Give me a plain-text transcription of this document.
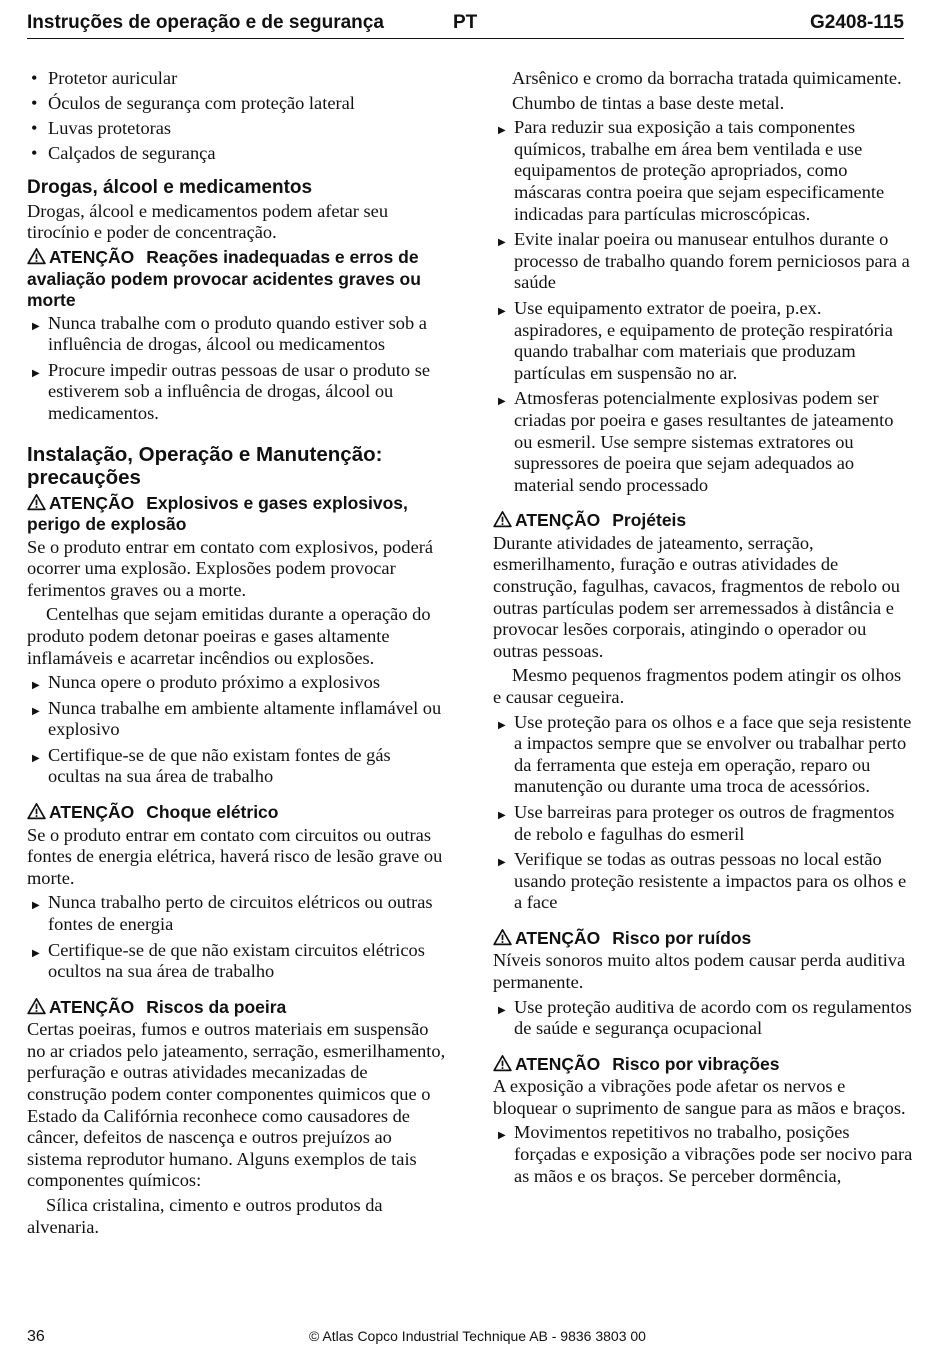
Instruções de operação e de segurança	PT	G2408-115
• Protetor auricular
• Óculos de segurança com proteção lateral
• Luvas protetoras
• Calçados de segurança
Drogas, álcool e medicamentos

Drogas, álcool e medicamentos podem afetar seu tirocínio e poder de concentração.

ATENÇÃO Reações inadequadas e erros de avaliação podem provocar acidentes graves ou morte
▶ Nunca trabalhe com o produto quando estiver sob a influência de drogas, álcool ou medicamentos
▶ Procure impedir outras pessoas de usar o produto se estiverem sob a influência de drogas, álcool ou medicamentos.
Instalação, Operação e Manutenção: precauções
ATENÇÃO Explosivos e gases explosivos, perigo de explosão

Se o produto entrar em contato com explosivos, poderá ocorrer uma explosão. Explosões podem provocar ferimentos graves ou a morte.

Centelhas que sejam emitidas durante a operação do produto podem detonar poeiras e gases altamente inflamáveis e acarretar incêndios ou explosões.

▶ Nunca opere o produto próximo a explosivos
▶ Nunca trabalhe em ambiente altamente inflamável ou explosivo
▶ Certifique-se de que não existam fontes de gás ocultas na sua área de trabalho
ATENÇÃO Choque elétrico

Se o produto entrar em contato com circuitos ou outras fontes de energia elétrica, haverá risco de lesão grave ou morte.

▶ Nunca trabalho perto de circuitos elétricos ou outras fontes de energia
▶ Certifique-se de que não existam circuitos elétricos ocultos na sua área de trabalho
ATENÇÃO Riscos da poeira

Certas poeiras, fumos e outros materiais em suspensão no ar criados pelo jateamento, serração, esmerilhamento, perfuração e outras atividades mecanizadas de construção podem conter componentes quimicos que o Estado da Califórnia reconhece como causadores de câncer, defeitos de nascença e outros prejuízos ao sistema reprodutor humano. Alguns exemplos de tais componentes químicos:

Sílica cristalina, cimento e outros produtos da alvenaria.

Arsênico e cromo da borracha tratada quimicamente.

Chumbo de tintas a base deste metal.

▶ Para reduzir sua exposição a tais componentes químicos, trabalhe em área bem ventilada e use equipamentos de proteção apropriados, como máscaras contra poeira que sejam especificamente indicadas para partículas microscópicas.
▶ Evite inalar poeira ou manusear entulhos durante o processo de trabalho quando forem perniciosos para a saúde
▶ Use equipamento extrator de poeira, p.ex. aspiradores, e equipamento de proteção respiratória quando trabalhar com materiais que produzam partículas em suspensão no ar.
▶ Atmosferas potencialmente explosivas podem ser criadas por poeira e gases resultantes de jateamento ou esmeril. Use sempre sistemas extratores ou supressores de poeira que sejam adequados ao material sendo processado
ATENÇÃO Projéteis

Durante atividades de jateamento, serração, esmerilhamento, furação e outras atividades de construção, fagulhas, cavacos, fragmentos de rebolo ou outras partículas podem ser arremessados à distância e provocar lesões corporais, atingindo o operador ou outras pessoas.

Mesmo pequenos fragmentos podem atingir os olhos e causar cegueira.

▶ Use proteção para os olhos e a face que seja resistente a impactos sempre que se envolver ou trabalhar perto da ferramenta que esteja em operação, reparo ou manutenção ou durante uma troca de acessórios.
▶ Use barreiras para proteger os outros de fragmentos de rebolo e fagulhas do esmeril
▶ Verifique se todas as outras pessoas no local estão usando proteção resistente a impactos para os olhos e a face
ATENÇÃO Risco por ruídos

Níveis sonoros muito altos podem causar perda auditiva permanente.

▶ Use proteção auditiva de acordo com os regulamentos de saúde e segurança ocupacional
ATENÇÃO Risco por vibrações

A exposição a vibrações pode afetar os nervos e bloquear o suprimento de sangue para as mãos e braços.

▶ Movimentos repetitivos no trabalho, posições forçadas e exposição a vibrações pode ser nocivo para as mãos e os braços. Se perceber dormência,
36	© Atlas Copco Industrial Technique AB - 9836 3803 00
